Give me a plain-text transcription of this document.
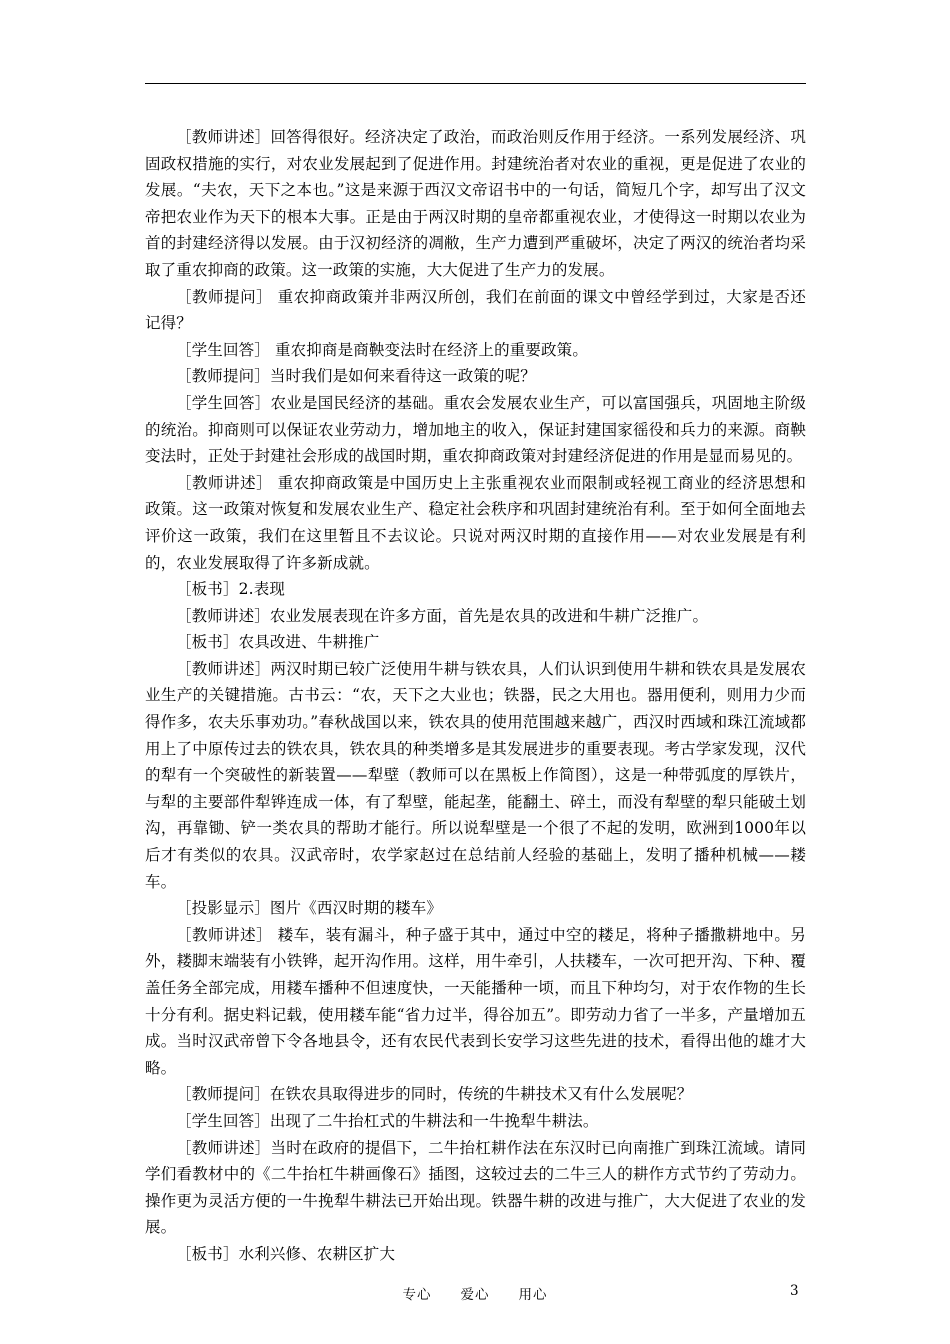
［教师讲述］回答得很好。经济决定了政治，而政治则反作用于经济。一系列发展经济、巩固政权措施的实行，对农业发展起到了促进作用。封建统治者对农业的重视，更是促进了农业的发展。“夫农，天下之本也。”这是来源于西汉文帝诏书中的一句话，简短几个字，却写出了汉文帝把农业作为天下的根本大事。正是由于两汉时期的皇帝都重视农业，才使得这一时期以农业为首的封建经济得以发展。由于汉初经济的凋敝，生产力遭到严重破坏，决定了两汉的统治者均采取了重农抑商的政策。这一政策的实施，大大促进了生产力的发展。

［教师提问］ 重农抑商政策并非两汉所创，我们在前面的课文中曾经学到过，大家是否还记得？

［学生回答］ 重农抑商是商鞅变法时在经济上的重要政策。

［教师提问］当时我们是如何来看待这一政策的呢？

［学生回答］农业是国民经济的基础。重农会发展农业生产，可以富国强兵，巩固地主阶级的统治。抑商则可以保证农业劳动力，增加地主的收入，保证封建国家徭役和兵力的来源。商鞅变法时，正处于封建社会形成的战国时期，重农抑商政策对封建经济促进的作用是显而易见的。

［教师讲述］ 重农抑商政策是中国历史上主张重视农业而限制或轻视工商业的经济思想和政策。这一政策对恢复和发展农业生产、稳定社会秩序和巩固封建统治有利。至于如何全面地去评价这一政策，我们在这里暂且不去议论。只说对两汉时期的直接作用——对农业发展是有利的，农业发展取得了许多新成就。

［板书］2.表现

［教师讲述］农业发展表现在许多方面，首先是农具的改进和牛耕广泛推广。

［板书］农具改进、牛耕推广

［教师讲述］两汉时期已较广泛使用牛耕与铁农具，人们认识到使用牛耕和铁农具是发展农业生产的关键措施。古书云：“农，天下之大业也；铁器，民之大用也。器用便利，则用力少而得作多，农夫乐事劝功。”春秋战国以来，铁农具的使用范围越来越广，西汉时西域和珠江流域都用上了中原传过去的铁农具，铁农具的种类增多是其发展进步的重要表现。考古学家发现，汉代的犁有一个突破性的新装置——犁壁（教师可以在黑板上作简图），这是一种带弧度的厚铁片，与犁的主要部件犁铧连成一体，有了犁壁，能起垄，能翻土、碎土，而没有犁壁的犁只能破土划沟，再靠锄、铲一类农具的帮助才能行。所以说犁壁是一个很了不起的发明，欧洲到1000年以后才有类似的农具。汉武帝时，农学家赵过在总结前人经验的基础上，发明了播种机械——耧车。

［投影显示］图片《西汉时期的耧车》

［教师讲述］ 耧车，装有漏斗，种子盛于其中，通过中空的耧足，将种子播撒耕地中。另外，耧脚末端装有小铁铧，起开沟作用。这样，用牛牵引，人扶耧车，一次可把开沟、下种、覆盖任务全部完成，用耧车播种不但速度快，一天能播种一顷，而且下种均匀，对于农作物的生长十分有利。据史料记载，使用耧车能“省力过半，得谷加五”。即劳动力省了一半多，产量增加五成。当时汉武帝曾下令各地县令，还有农民代表到长安学习这些先进的技术，看得出他的雄才大略。

［教师提问］在铁农具取得进步的同时，传统的牛耕技术又有什么发展呢？

［学生回答］出现了二牛抬杠式的牛耕法和一牛挽犁牛耕法。

［教师讲述］当时在政府的提倡下，二牛抬杠耕作法在东汉时已向南推广到珠江流域。请同学们看教材中的《二牛抬杠牛耕画像石》插图，这较过去的二牛三人的耕作方式节约了劳动力。操作更为灵活方便的一牛挽犁牛耕法已开始出现。铁器牛耕的改进与推广，大大促进了农业的发展。

［板书］水利兴修、农耕区扩大

专心　　爱心　　用心	3
